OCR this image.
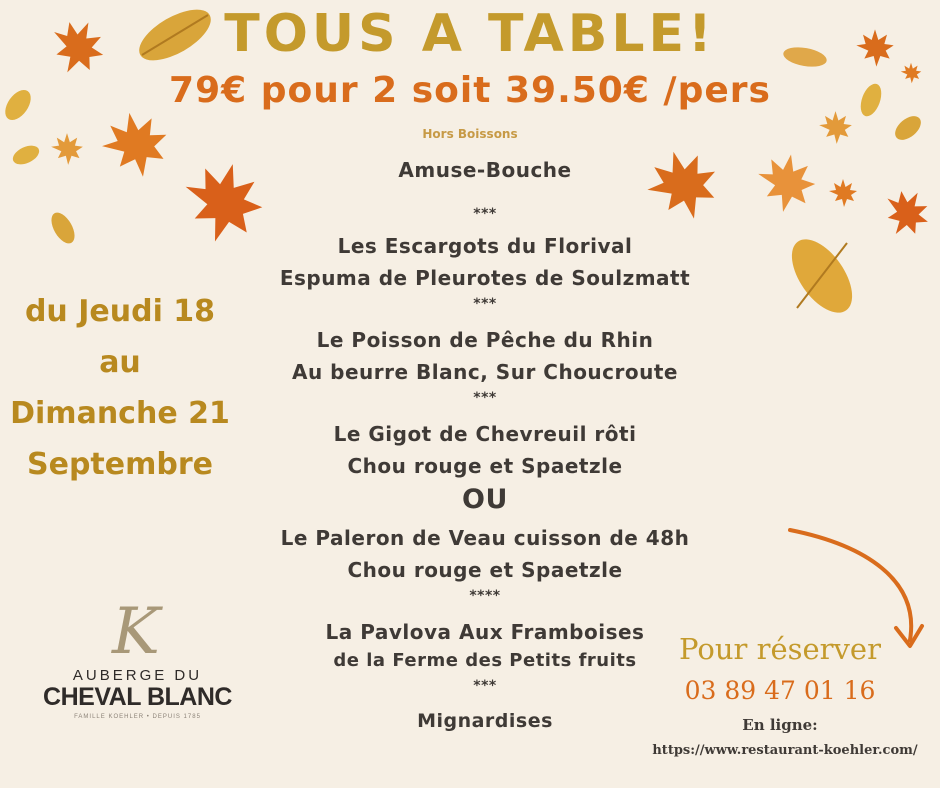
TOUS A TABLE!
79€ pour 2 soit 39.50€ /pers
Hors Boissons
Amuse-Bouche
***
Les Escargots du Florival
Espuma de Pleurotes de Soulzmatt
***
Le Poisson de Pêche du Rhin
Au beurre Blanc, Sur Choucroute
***
Le Gigot de Chevreuil rôti
Chou rouge et Spaetzle
OU
Le Paleron de Veau cuisson de 48h
Chou rouge et Spaetzle
****
La Pavlova Aux Framboises
de la Ferme des Petits fruits
***
Mignardises
du Jeudi 18
au
Dimanche 21
Septembre
K
AUBERGE DU
CHEVAL BLANC
FAMILLE KOEHLER • DEPUIS 1785
Pour réserver
03 89 47 01 16
En ligne:
https://www.restaurant-koehler.com/
